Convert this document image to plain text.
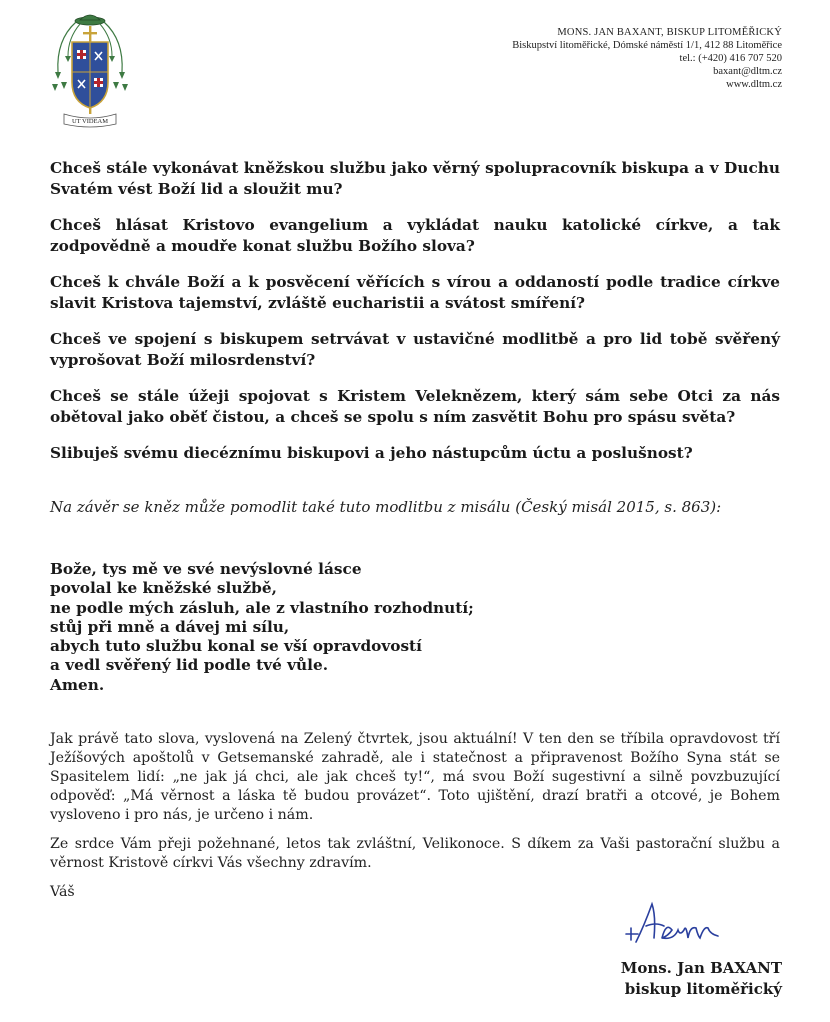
UT VIDEAM
MONS. JAN BAXANT, BISKUP LITOMĚŘICKÝ
Biskupství litoměřické, Dómské náměstí 1/1, 412 88 Litoměřice
tel.: (+420) 416 707 520
baxant@dltm.cz
www.dltm.cz

Chceš stále vykonávat kněžskou službu jako věrný spolupracovník biskupa a v Duchu Svatém vést Boží lid a sloužit mu?

Chceš hlásat Kristovo evangelium a vykládat nauku katolické církve, a tak zodpovědně a moudře konat službu Božího slova?

Chceš k chvále Boží a k posvěcení věřících s vírou a oddaností podle tradice církve slavit Kristova tajemství, zvláště eucharistii a svátost smíření?

Chceš ve spojení s biskupem setrvávat v ustavičné modlitbě a pro lid tobě svěřený vyprošovat Boží milosrdenství?

Chceš se stále úžeji spojovat s Kristem Veleknězem, který sám sebe Otci za nás obětoval jako oběť čistou, a chceš se spolu s ním zasvětit Bohu pro spásu světa?

Slibuješ svému diecéznímu biskupovi a jeho nástupcům úctu a poslušnost?

Na závěr se kněz může pomodlit také tuto modlitbu z misálu (Český misál 2015, s. 863):
Bože, tys mě ve své nevýslovné lásce
povolal ke kněžské službě,
ne podle mých zásluh, ale z vlastního rozhodnutí;
stůj při mně a dávej mi sílu,
abych tuto službu konal se vší opravdovostí
a vedl svěřený lid podle tvé vůle.
Amen.

Jak právě tato slova, vyslovená na Zelený čtvrtek, jsou aktuální! V ten den se tříbila opravdovost tří Ježíšových apoštolů v Getsemanské zahradě, ale i statečnost a připravenost Božího Syna stát se Spasitelem lidí: „ne jak já chci, ale jak chceš ty!“, má svou Boží sugestivní a silně povzbuzující odpověď: „Má věrnost a láska tě budou provázet“. Toto ujištění, drazí bratři a otcové, je Bohem vysloveno i pro nás, je určeno i nám.

Ze srdce Vám přeji požehnané, letos tak zvláštní, Velikonoce. S díkem za Vaši pastorační službu a věrnost Kristově církvi Vás všechny zdravím.

Váš

Mons. Jan BAXANT
biskup litoměřický
